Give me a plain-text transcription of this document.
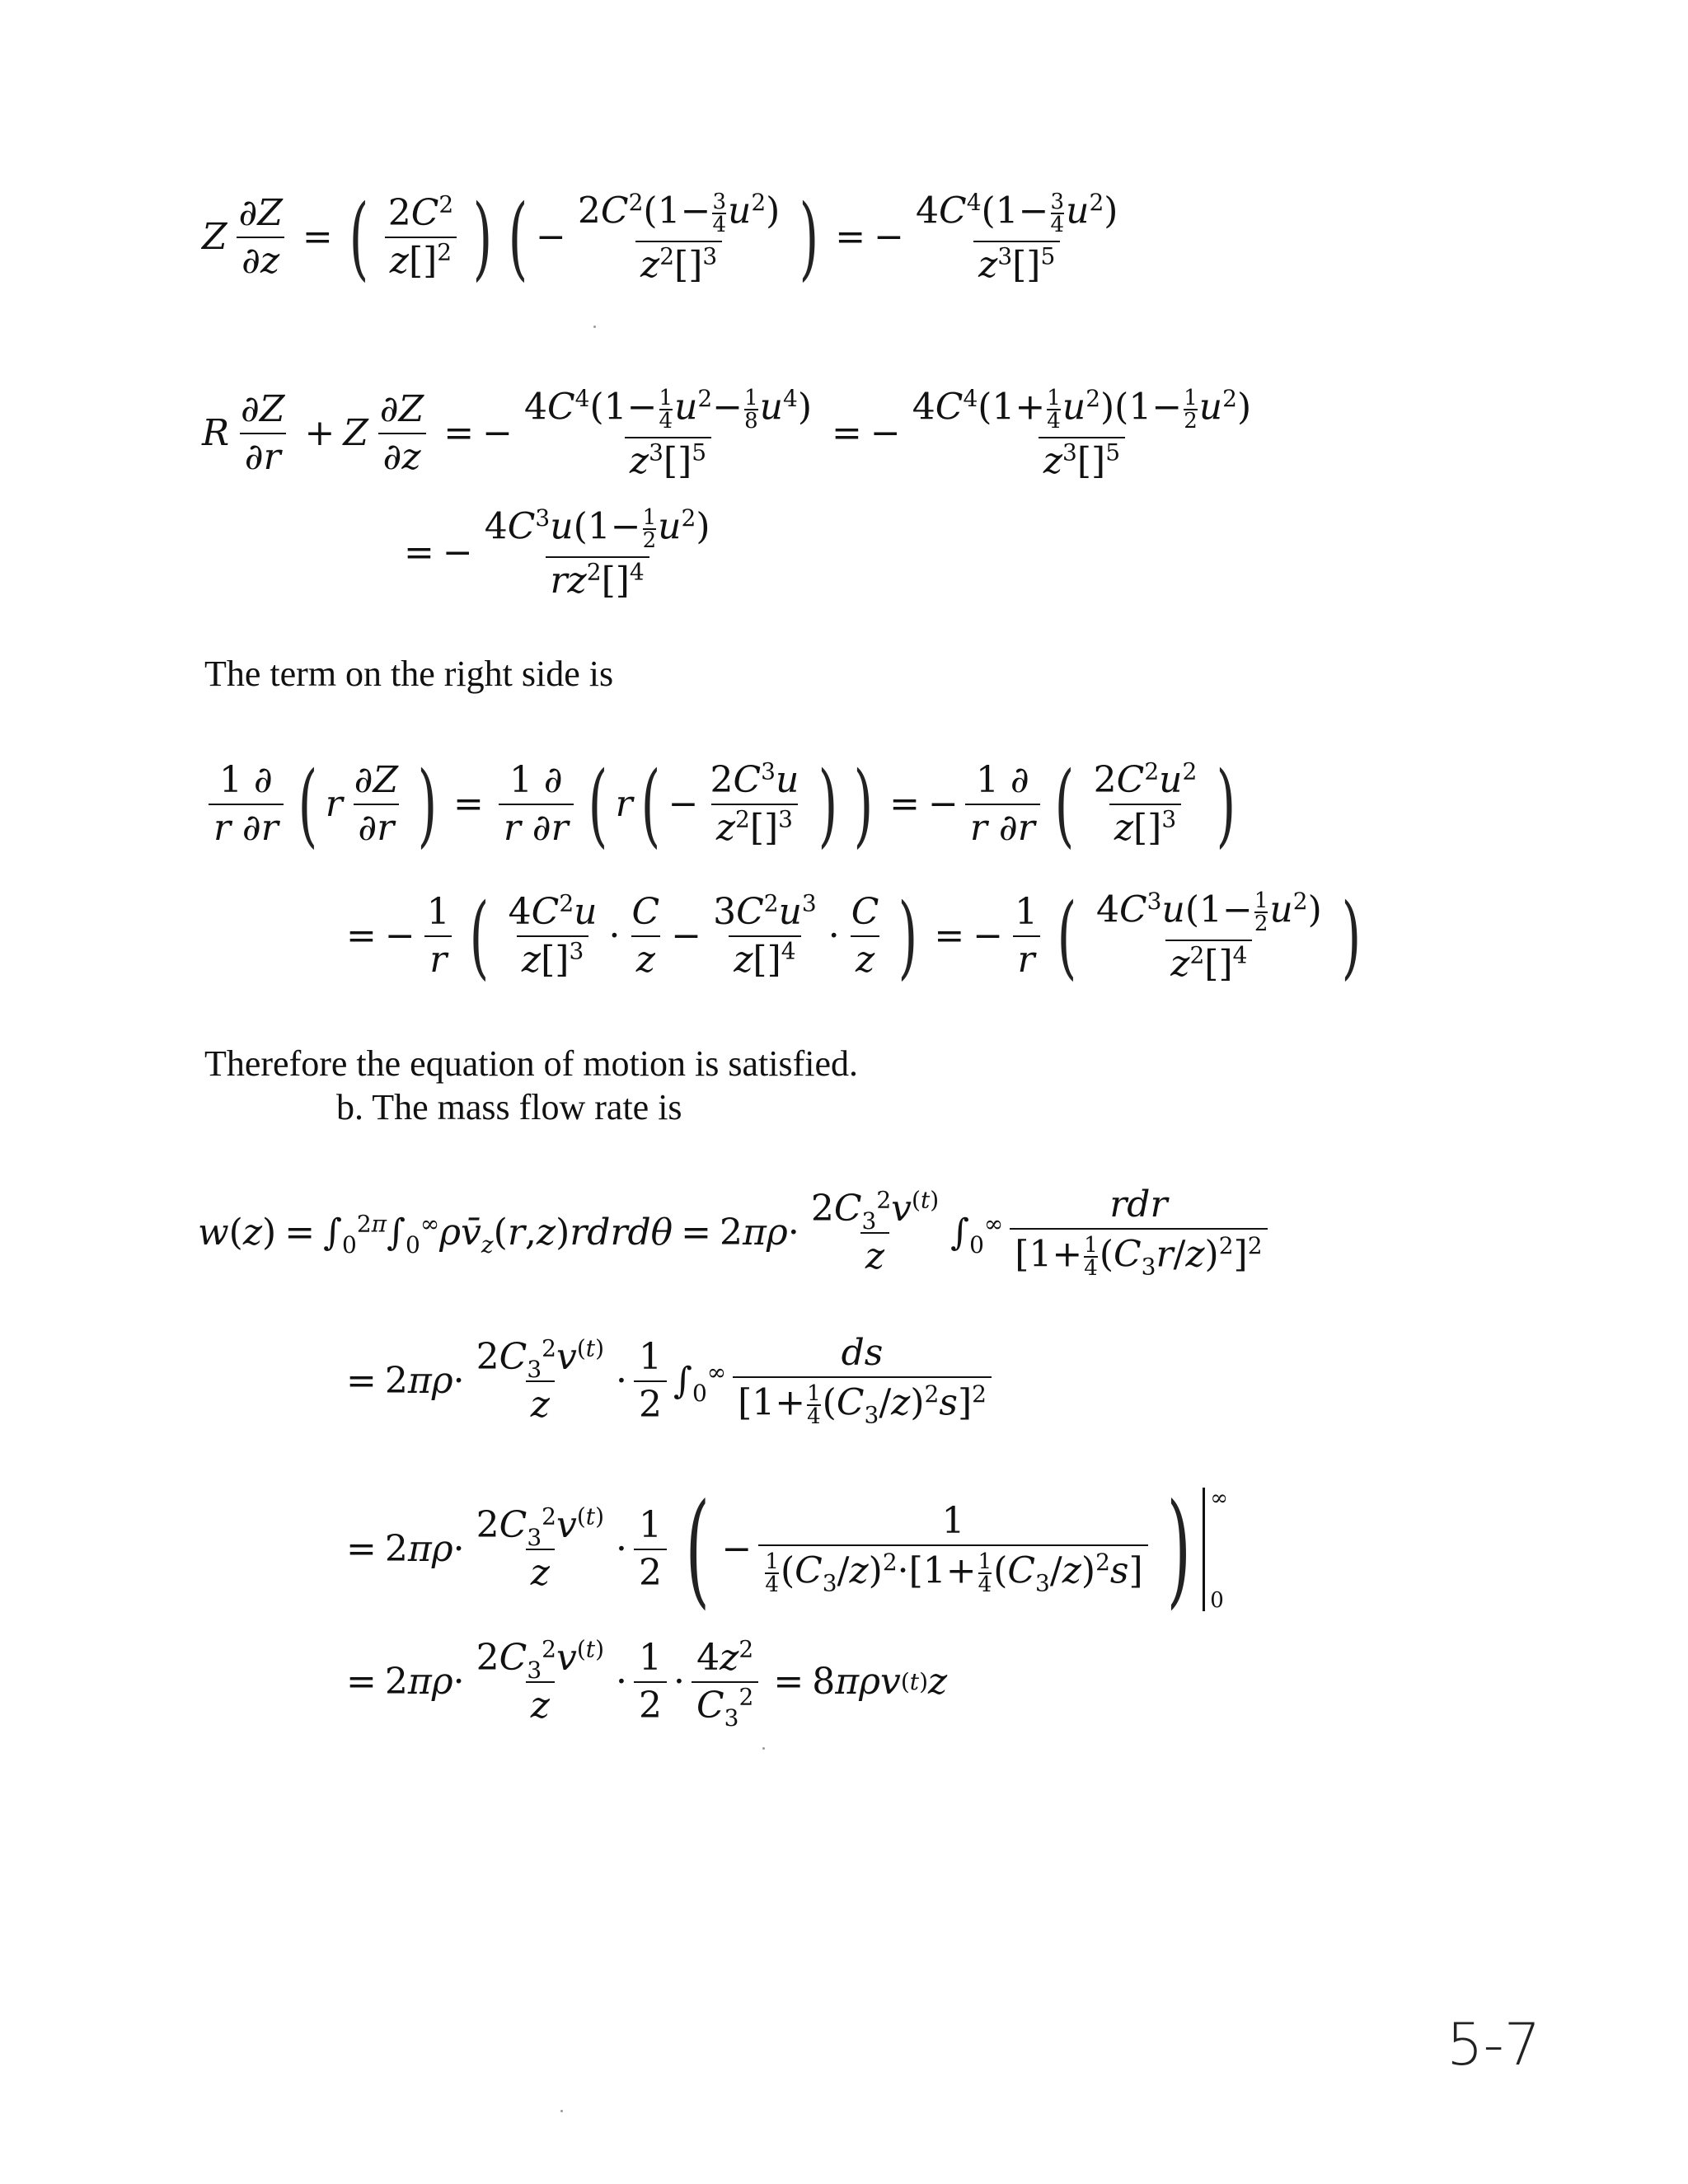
Z $\frac{\partial Z}{\partial z}$ = ( $\frac{2C^2}{z[]^2}$ ) ( − $\frac{2C^2(1- \frac{3}{4} u^2)}{z^2[]^3}$ ) = − $\frac{4C^4(1- \frac{3}{4} u^2)}{z^3[]^5}$
R $\frac{\partial Z}{\partial r} + Z \frac{\partial Z}{\partial z}$ = − $\frac{4C^4(1- \frac{1}{4} u^2- \frac{1}{8} u^4)}{z^3[]^5}$ = − $\frac{4C^4(1+ \frac{1}{4} u^2)(1- \frac{1}{2} u^2)}{z^3[]^5}$
= − $\frac{4C^3u(1- \frac{1}{2} u^2)}{rz^2[]^4}$
The term on the right side is
$\frac{1 \partial}{r \partial r}$ ( r $\frac{\partial Z}{\partial r}$ ) = $\frac{1 \partial}{r \partial r}$ ( r ( − $\frac{2C^3u}{z^2[]^3}$ ) ) = − $\frac{1 \partial}{r \partial r}$ ( $\frac{2C^2u^2}{z[]^3}$ )
= − $\frac{1}{r}$ ( $\frac{4C^2u}{z[]^3} \cdot \frac{C}{z} - \frac{3C^2u^3}{z[]^4} \cdot \frac{C}{z}$ ) = − $\frac{1}{r}$ ( $\frac{4C^3u(1- \frac{1}{2} u^2)}{z^2[]^4}$ )
Therefore the equation of motion is satisfied.
b. The mass flow rate is
w ( z ) = $\int_0^{2\pi}$ $\int_0^\infty$ $\rho v̄_z$ ( r , z ) rdrdθ = 2 $\pi\rho \cdot \frac{2C_3^2v^{(t)}}{z} \int_0^\infty \frac{\text{rdr}}{[1+ \frac{1}{4} (C_3r/z)^2]^2}$
= 2 $\pi\rho \cdot \frac{2C_3^2v^{(t)}}{z} \cdot \frac{1}{2} \int_0^\infty \frac{ds}{[1+ \frac{1}{4} (C_3/z)^2s]^2}$
= 2 $\pi\rho \cdot \frac{2C_3^2v^{(t)}}{z} \cdot \frac{1}{2}$ ( − $\frac{1}{\frac{1}{4} (C_3/z)^2\cdot[1+ \frac{1}{4} (C_3/z)^2s]}$ ) ∞
0
= 2 $\pi\rho \cdot \frac{2C_3^2v^{(t)}}{z} \cdot \frac{1}{2} \cdot \frac{4z^2}{C_3^2} = 8$ πρv (t) z
5-7
